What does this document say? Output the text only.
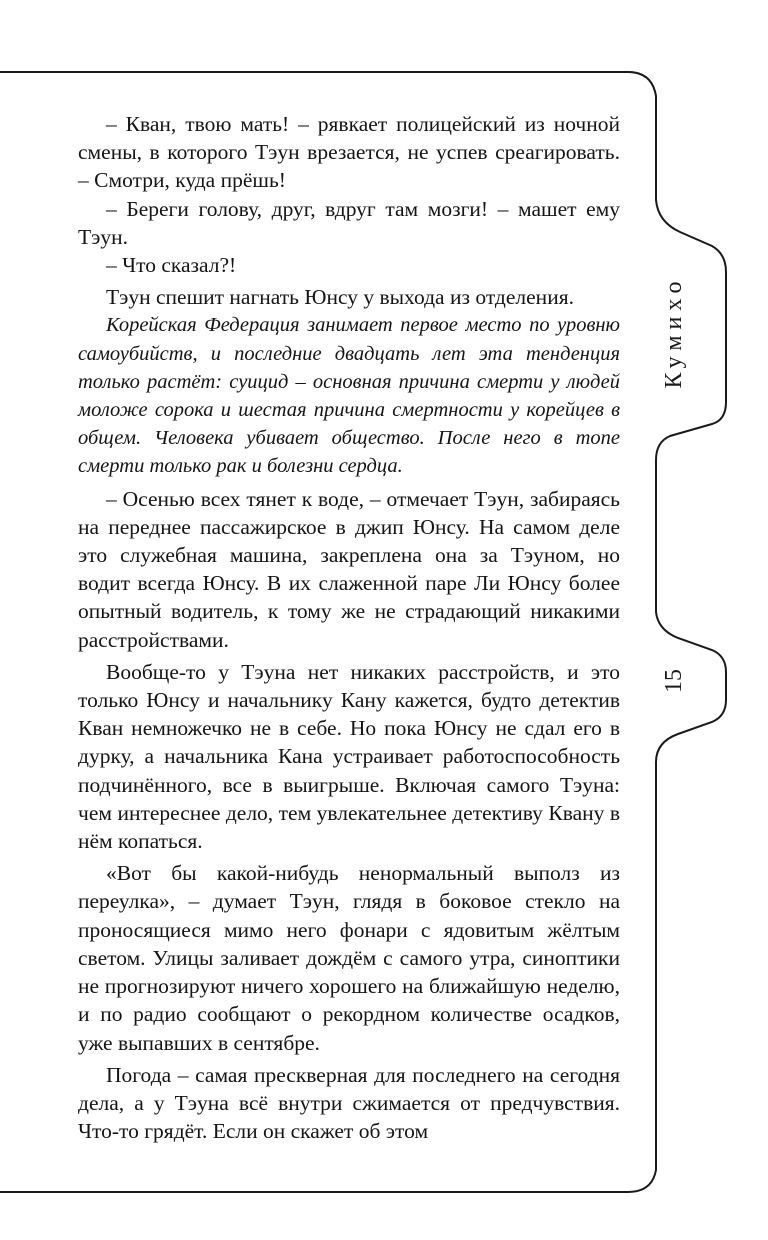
Кумихо
15

– Кван, твою мать! – рявкает полицейский из ночной смены, в которого Тэун врезается, не успев среагировать. – Смотри, куда прёшь!

– Береги голову, друг, вдруг там мозги! – машет ему Тэун.

– Что сказал?!

Тэун спешит нагнать Юнсу у выхода из отделения.

Корейская Федерация занимает первое место по уровню самоубийств, и последние двадцать лет эта тенденция только растёт: суицид – основная причина смерти у людей моложе сорока и шестая причина смертности у корейцев в общем. Человека убивает общество. После него в топе смерти только рак и болезни сердца.

– Осенью всех тянет к воде, – отмечает Тэун, забираясь на переднее пассажирское в джип Юнсу. На самом деле это служебная машина, закреплена она за Тэуном, но водит всегда Юнсу. В их слаженной паре Ли Юнсу более опытный водитель, к тому же не страдающий никакими расстройствами.

Вообще-то у Тэуна нет никаких расстройств, и это только Юнсу и начальнику Кану кажется, будто детектив Кван немножечко не в себе. Но пока Юнсу не сдал его в дурку, а начальника Кана устраивает работоспособность подчинённого, все в выигрыше. Включая самого Тэуна: чем интереснее дело, тем увлекательнее детективу Квану в нём копаться.

«Вот бы какой-нибудь ненормальный выполз из переулка», – думает Тэун, глядя в боковое стекло на проносящиеся мимо него фонари с ядовитым жёлтым светом. Улицы заливает дождём с самого утра, синоптики не прогнозируют ничего хорошего на ближайшую неделю, и по радио сообщают о рекордном количестве осадков, уже выпавших в сентябре.

Погода – самая прескверная для последнего на сегодня дела, а у Тэуна всё внутри сжимается от предчувствия. Что-то грядёт. Если он скажет об этом
